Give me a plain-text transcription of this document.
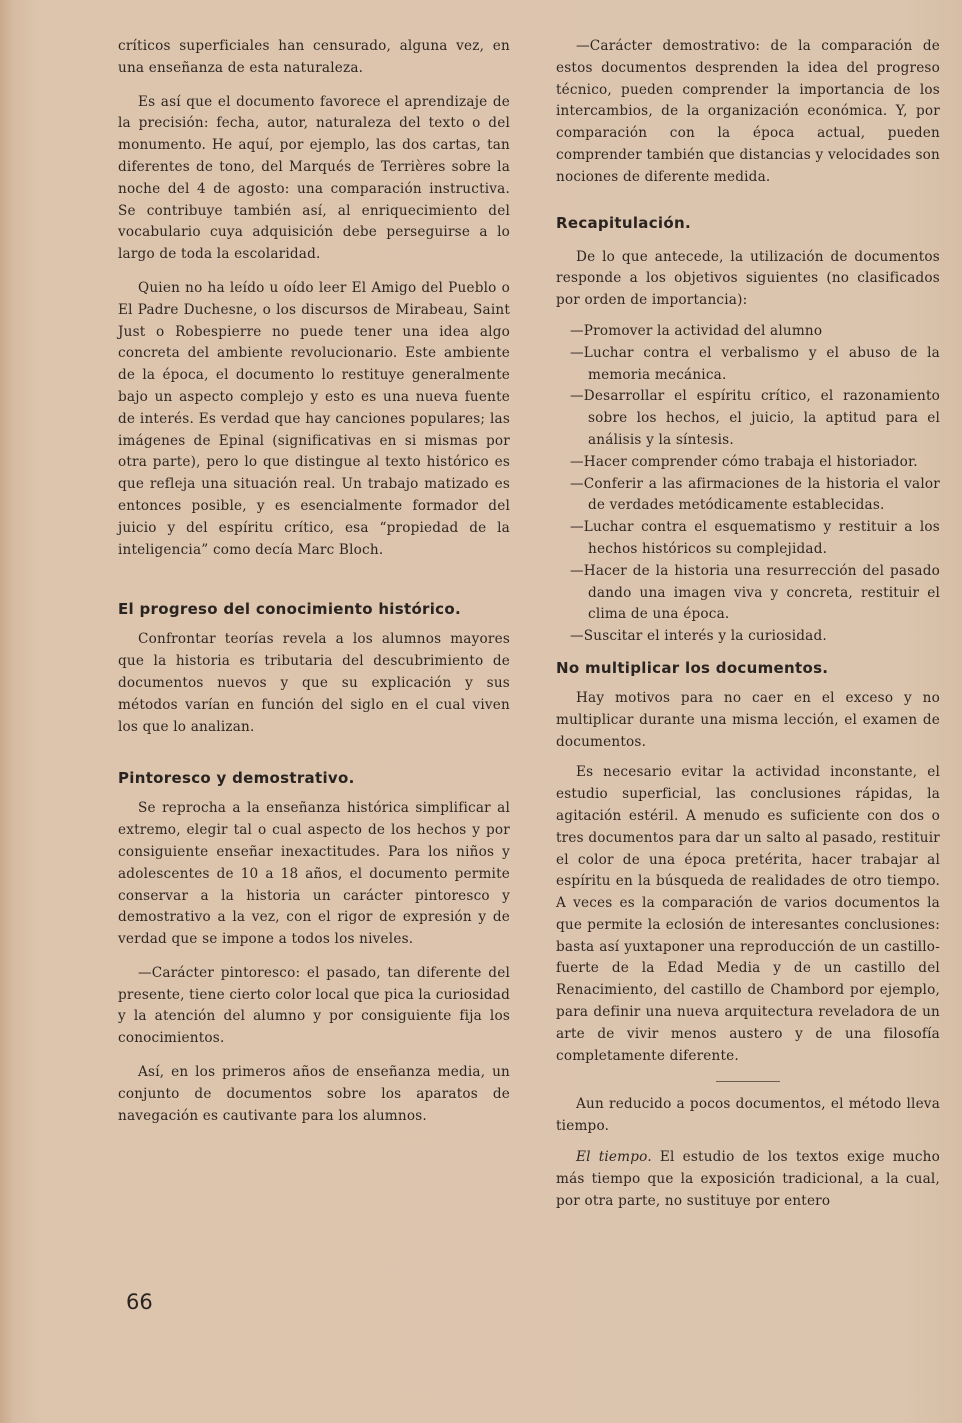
críticos superficiales han censurado, alguna vez, en una enseñanza de esta naturaleza.

Es así que el documento favorece el aprendizaje de la precisión: fecha, autor, naturaleza del texto o del monumento. He aquí, por ejemplo, las dos cartas, tan diferentes de tono, del Marqués de Terrières sobre la noche del 4 de agosto: una comparación instructiva. Se contribuye también así, al enriquecimiento del vocabulario cuya adquisición debe perseguirse a lo largo de toda la escolaridad.

Quien no ha leído u oído leer El Amigo del Pueblo o El Padre Duchesne, o los discursos de Mirabeau, Saint Just o Robespierre no puede tener una idea algo concreta del ambiente revolucionario. Este ambiente de la época, el documento lo restituye generalmente bajo un aspecto complejo y esto es una nueva fuente de interés. Es verdad que hay canciones populares; las imágenes de Epinal (significativas en si mismas por otra parte), pero lo que distingue al texto histórico es que refleja una situación real. Un trabajo matizado es entonces posible, y es esencialmente formador del juicio y del espíritu crítico, esa “propiedad de la inteligencia” como decía Marc Bloch.

El progreso del conocimiento histórico.

Confrontar teorías revela a los alumnos mayores que la historia es tributaria del descubrimiento de documentos nuevos y que su explicación y sus métodos varían en función del siglo en el cual viven los que lo analizan.

Pintoresco y demostrativo.

Se reprocha a la enseñanza histórica simplificar al extremo, elegir tal o cual aspecto de los hechos y por consiguiente enseñar inexactitudes. Para los niños y adolescentes de 10 a 18 años, el documento permite conservar a la historia un carácter pintoresco y demostrativo a la vez, con el rigor de expresión y de verdad que se impone a todos los niveles.

—Carácter pintoresco: el pasado, tan diferente del presente, tiene cierto color local que pica la curiosidad y la atención del alumno y por consiguiente fija los conocimientos.

Así, en los primeros años de enseñanza media, un conjunto de documentos sobre los aparatos de navegación es cautivante para los alumnos.

—Carácter demostrativo: de la comparación de estos documentos desprenden la idea del progreso técnico, pueden comprender la importancia de los intercambios, de la organización económica. Y, por comparación con la época actual, pueden comprender también que distancias y velocidades son nociones de diferente medida.

Recapitulación.

De lo que antecede, la utilización de documentos responde a los objetivos siguientes (no clasificados por orden de importancia):

—Promover la actividad del alumno
—Luchar contra el verbalismo y el abuso de la memoria mecánica.
—Desarrollar el espíritu crítico, el razonamiento sobre los hechos, el juicio, la aptitud para el análisis y la síntesis.
—Hacer comprender cómo trabaja el historiador.
—Conferir a las afirmaciones de la historia el valor de verdades metódicamente establecidas.
—Luchar contra el esquematismo y restituir a los hechos históricos su complejidad.
—Hacer de la historia una resurrección del pasado dando una imagen viva y concreta, restituir el clima de una época.
—Suscitar el interés y la curiosidad.
No multiplicar los documentos.

Hay motivos para no caer en el exceso y no multiplicar durante una misma lección, el examen de documentos.

Es necesario evitar la actividad inconstante, el estudio superficial, las conclusiones rápidas, la agitación estéril. A menudo es suficiente con dos o tres documentos para dar un salto al pasado, restituir el color de una época pretérita, hacer trabajar al espíritu en la búsqueda de realidades de otro tiempo. A veces es la comparación de varios documentos la que permite la eclosión de interesantes conclusiones: basta así yuxtaponer una reproducción de un castillo-fuerte de la Edad Media y de un castillo del Renacimiento, del castillo de Chambord por ejemplo, para definir una nueva arquitectura reveladora de un arte de vivir menos austero y de una filosofía completamente diferente.

Aun reducido a pocos documentos, el método lleva tiempo.

El tiempo. El estudio de los textos exige mucho más tiempo que la exposición tradicional, a la cual, por otra parte, no sustituye por entero

66
